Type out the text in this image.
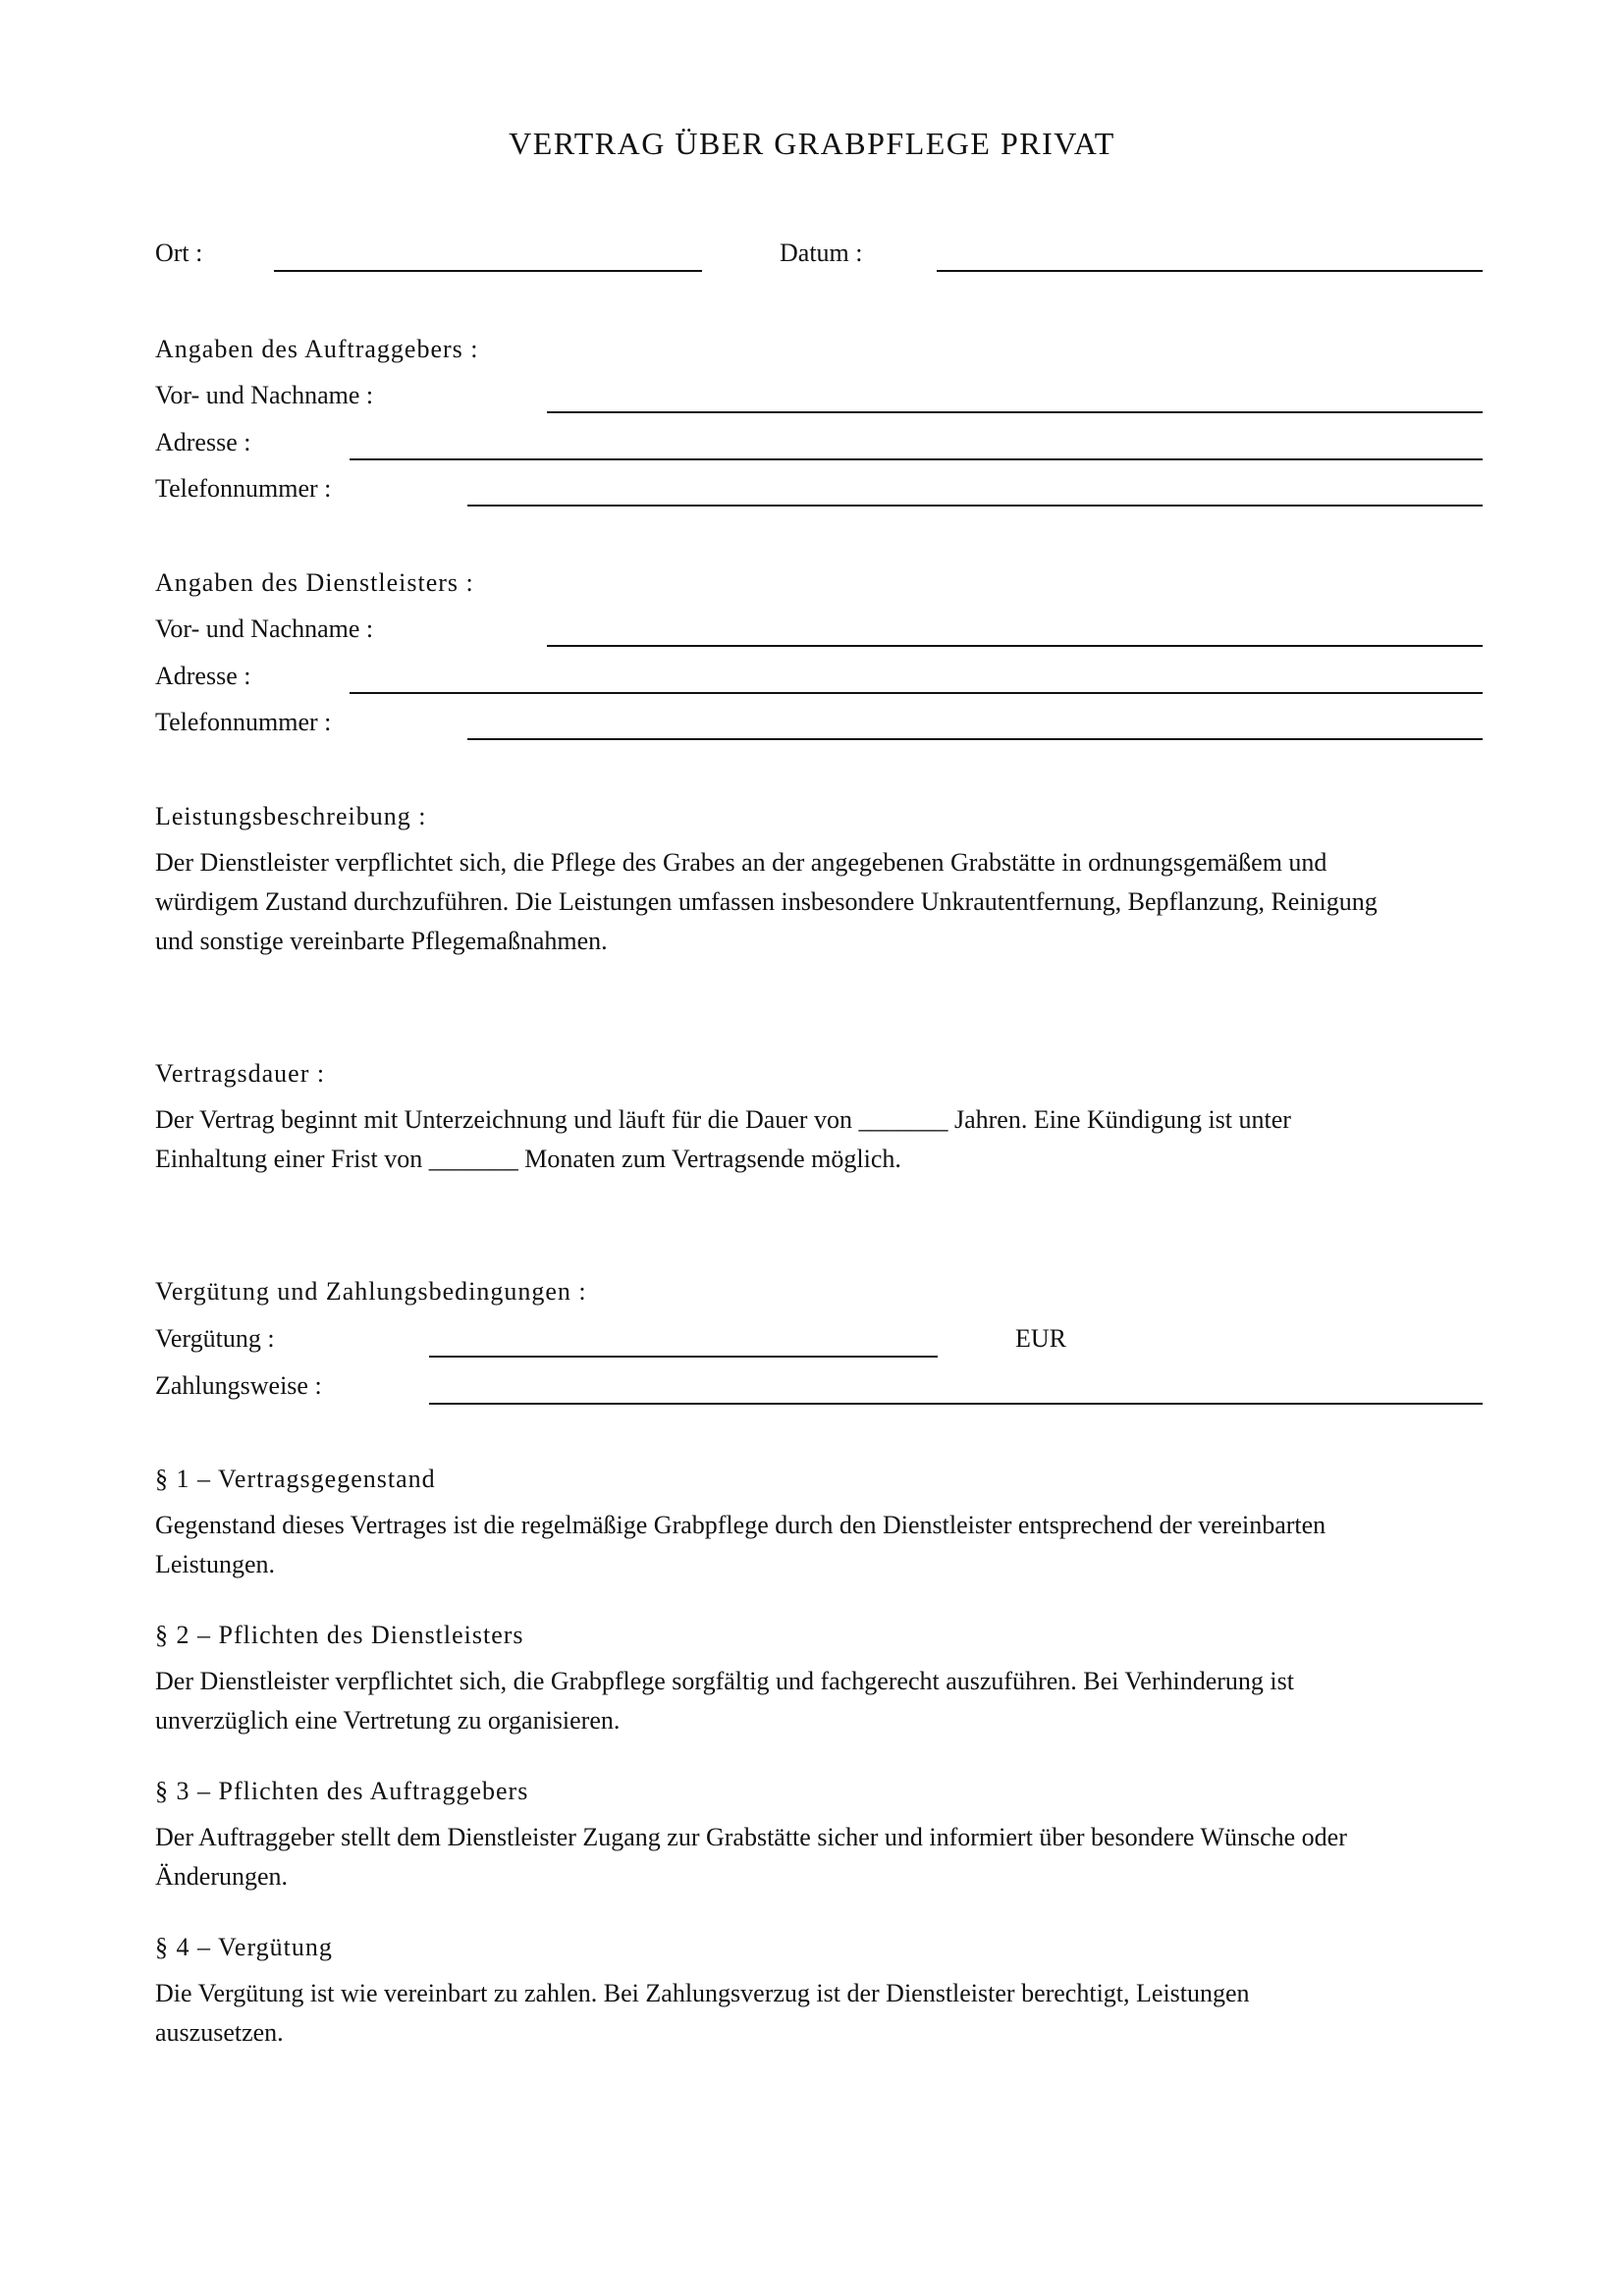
VERTRAG ÜBER GRABPFLEGE PRIVAT
Ort :	Datum :
Angaben des Auftraggebers :
Vor- und Nachname :
Adresse :
Telefonnummer :
Angaben des Dienstleisters :
Vor- und Nachname :
Adresse :
Telefonnummer :
Leistungsbeschreibung :
Der Dienstleister verpflichtet sich, die Pflege des Grabes an der angegebenen Grabstätte in ordnungsgemäßem und
würdigem Zustand durchzuführen. Die Leistungen umfassen insbesondere Unkrautentfernung, Bepflanzung, Reinigung
und sonstige vereinbarte Pflegemaßnahmen.
Vertragsdauer :
Der Vertrag beginnt mit Unterzeichnung und läuft für die Dauer von _______ Jahren. Eine Kündigung ist unter
Einhaltung einer Frist von _______ Monaten zum Vertragsende möglich.
Vergütung und Zahlungsbedingungen :
Vergütung :	EUR
Zahlungsweise :
§ 1 – Vertragsgegenstand
Gegenstand dieses Vertrages ist die regelmäßige Grabpflege durch den Dienstleister entsprechend der vereinbarten
Leistungen.
§ 2 – Pflichten des Dienstleisters
Der Dienstleister verpflichtet sich, die Grabpflege sorgfältig und fachgerecht auszuführen. Bei Verhinderung ist
unverzüglich eine Vertretung zu organisieren.
§ 3 – Pflichten des Auftraggebers
Der Auftraggeber stellt dem Dienstleister Zugang zur Grabstätte sicher und informiert über besondere Wünsche oder
Änderungen.
§ 4 – Vergütung
Die Vergütung ist wie vereinbart zu zahlen. Bei Zahlungsverzug ist der Dienstleister berechtigt, Leistungen
auszusetzen.
